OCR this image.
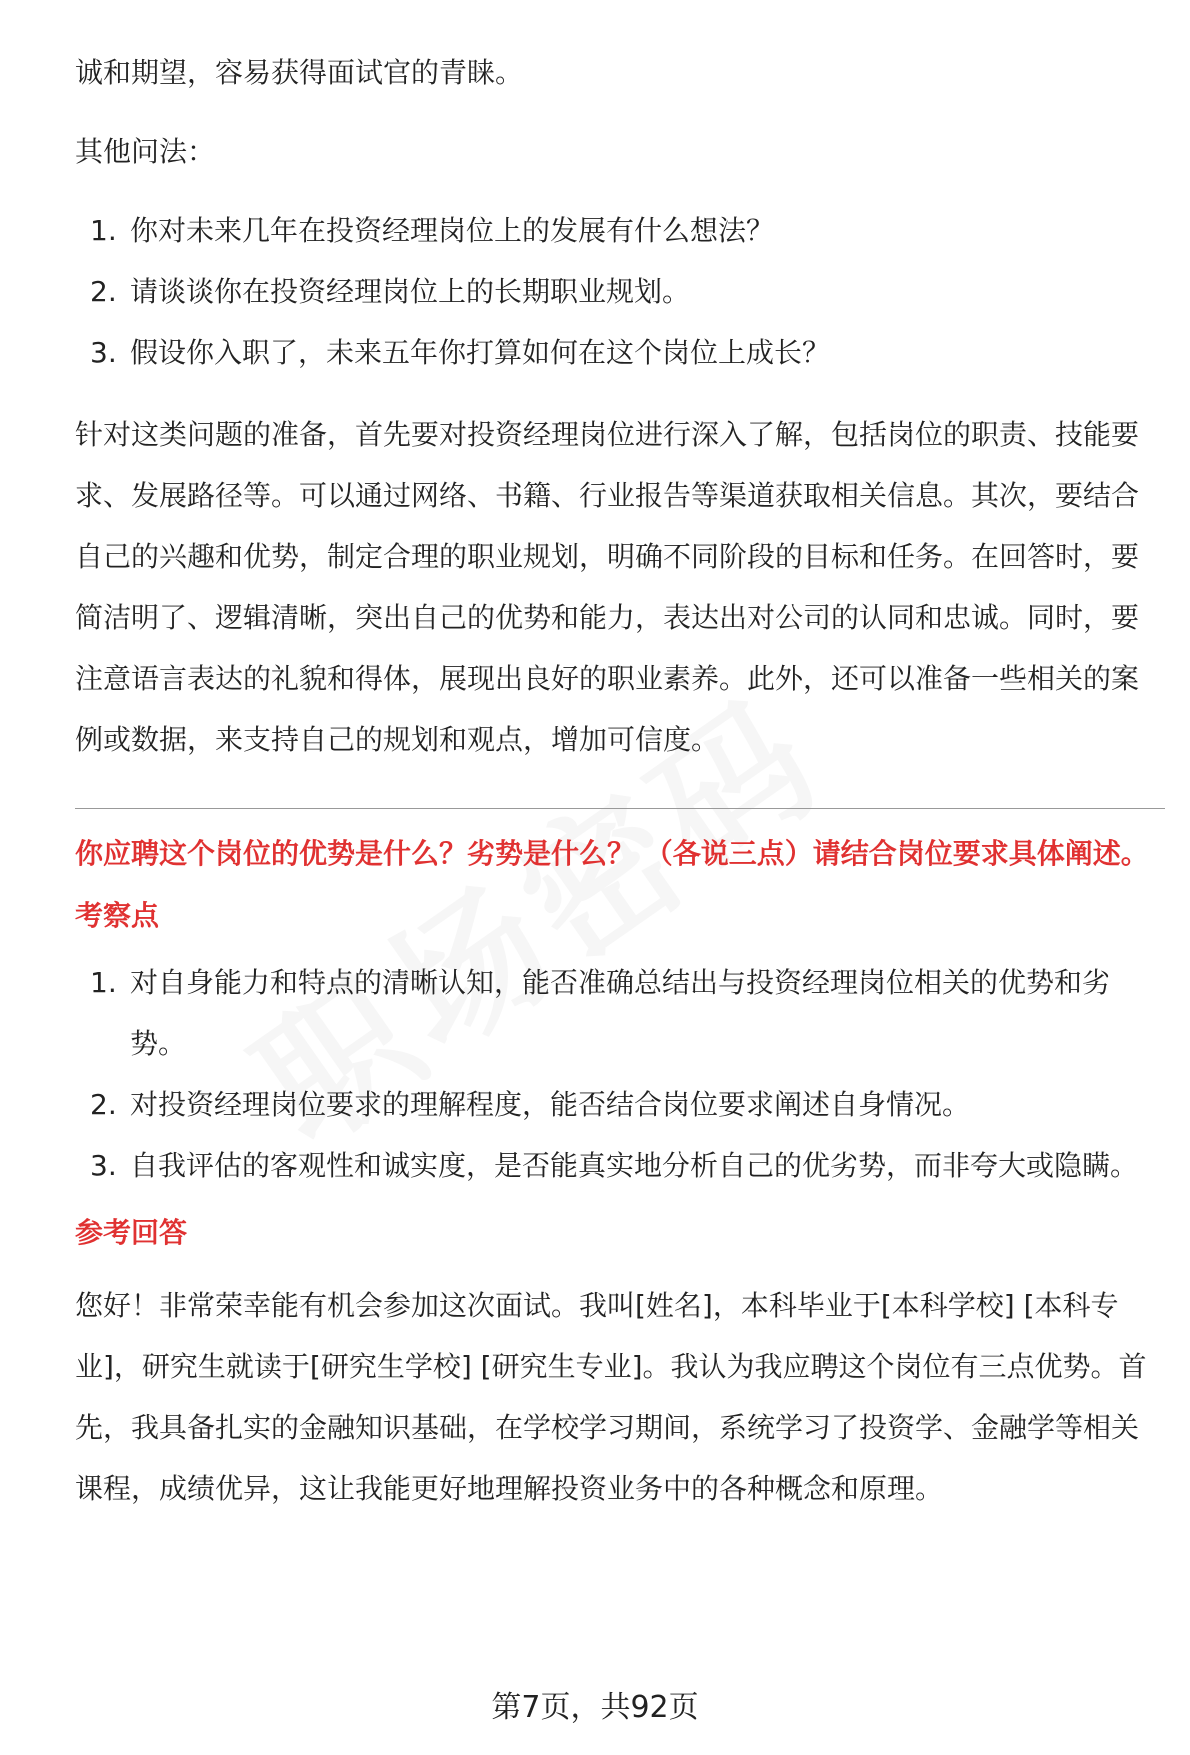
诚和期望，容易获得面试官的青睐。

其他问法：

1. 你对未来几年在投资经理岗位上的发展有什么想法？
2. 请谈谈你在投资经理岗位上的长期职业规划。
3. 假设你入职了，未来五年你打算如何在这个岗位上成长？

针对这类问题的准备，首先要对投资经理岗位进行深入了解，包括岗位的职责、技能要求、发展路径等。可以通过网络、书籍、行业报告等渠道获取相关信息。其次，要结合自己的兴趣和优势，制定合理的职业规划，明确不同阶段的目标和任务。在回答时，要简洁明了、逻辑清晰，突出自己的优势和能力，表达出对公司的认同和忠诚。同时，要注意语言表达的礼貌和得体，展现出良好的职业素养。此外，还可以准备一些相关的案例或数据，来支持自己的规划和观点，增加可信度。

你应聘这个岗位的优势是什么？劣势是什么？ （各说三点）请结合岗位要求具体阐述。
考察点
1. 对自身能力和特点的清晰认知，能否准确总结出与投资经理岗位相关的优势和劣势。
2. 对投资经理岗位要求的理解程度，能否结合岗位要求阐述自身情况。
3. 自我评估的客观性和诚实度，是否能真实地分析自己的优劣势，而非夸大或隐瞒。
参考回答

您好！非常荣幸能有机会参加这次面试。我叫[姓名]，本科毕业于[本科学校] [本科专业]，研究生就读于[研究生学校] [研究生专业]。我认为我应聘这个岗位有三点优势。首先，我具备扎实的金融知识基础，在学校学习期间，系统学习了投资学、金融学等相关课程，成绩优异，这让我能更好地理解投资业务中的各种概念和原理。

第7页，共92页
